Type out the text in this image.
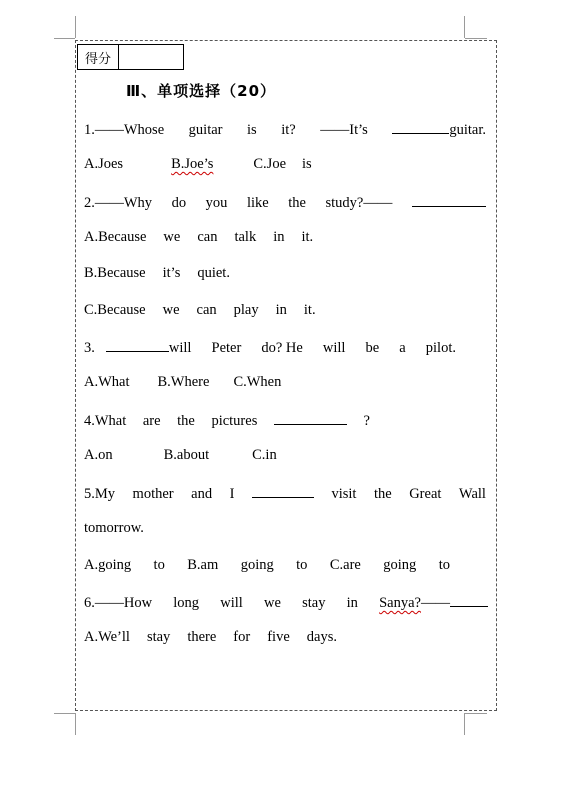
得分	
Ⅲ、单项选择（20）
1.——Whose guitar is it? ——It’s	guitar.
A.Joes	B.Joe’s	C.Joe is
2.——Why do you like the study?——
A.Because we can talk in it.
B.Because it’s quiet.
C.Because we can play in it.
3.	will Peter do? He will be a pilot.
A.What B.Where C.When
4.What are the pictures	?
A.on	B.about	C.in
5.My mother and I	visit the Great Wall
tomorrow.
A.going to B.am going to C.are going to
6.——How long will we stay in Sanya?——
A.We’ll stay there for five days.
